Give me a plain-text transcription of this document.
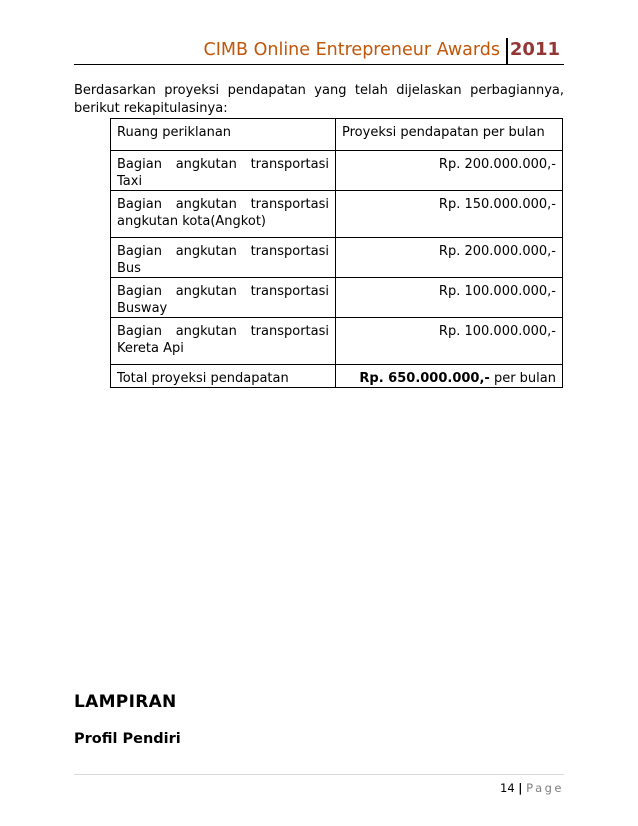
CIMB Online Entrepreneur Awards 2011

Berdasarkan proyeksi pendapatan yang telah dijelaskan perbagiannya, berikut rekapitulasinya:

Ruang periklanan	Proyeksi pendapatan per bulan
Bagian angkutan transportasi Taxi	Rp. 200.000.000,-
Bagian angkutan transportasi angkutan kota(Angkot)	Rp. 150.000.000,-
Bagian angkutan transportasi Bus	Rp. 200.000.000,-
Bagian angkutan transportasi Busway	Rp. 100.000.000,-
Bagian angkutan transportasi Kereta Api	Rp. 100.000.000,-
Total proyeksi pendapatan	Rp. 650.000.000,- per bulan
LAMPIRAN
Profil Pendiri
14 | Page
